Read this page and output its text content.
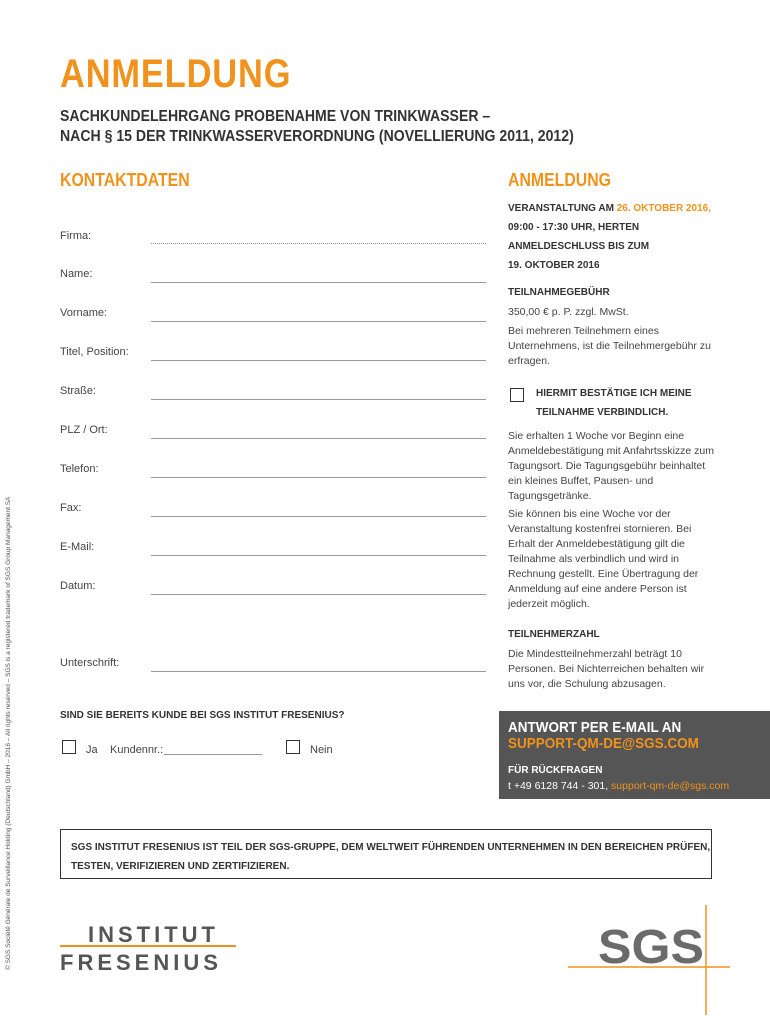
ANMELDUNG
SACHKUNDELEHRGANG PROBENAHME VON TRINKWASSER –
NACH § 15 DER TRINKWASSERVERORDNUNG (NOVELLIERUNG 2011, 2012)
© SGS Société Générale de Surveillance Holding (Deutschland) GmbH – 2016 – All rights reserved – SGS is a registered trademark of SGS Group Management SA
KONTAKTDATEN
Firma:
Name:
Vorname:
Titel, Position:
Straße:
PLZ / Ort:
Telefon:
Fax:
E-Mail:
Datum:
Unterschrift:
SIND SIE BEREITS KUNDE BEI SGS INSTITUT FRESENIUS?
Ja Kundennr.:	Nein
ANMELDUNG
VERANSTALTUNG AM 26. OKTOBER 2016,
09:00 - 17:30 UHR, HERTEN
ANMELDESCHLUSS BIS ZUM
19. OKTOBER 2016
TEILNAHMEGEBÜHR
350,00 € p. P. zzgl. MwSt.
Bei mehreren Teilnehmern eines Unternehmens, ist die Teilnehmergebühr zu erfragen.
HIERMIT BESTÄTIGE ICH MEINE
TEILNAHME VERBINDLICH.
Sie erhalten 1 Woche vor Beginn eine Anmeldebestätigung mit Anfahrtsskizze zum Tagungsort. Die Tagungsgebühr beinhaltet ein kleines Buffet, Pausen- und Tagungsgetränke.
Sie können bis eine Woche vor der Veranstaltung kostenfrei stornieren. Bei Erhalt der Anmeldebestätigung gilt die Teilnahme als verbindlich und wird in Rechnung gestellt. Eine Übertragung der Anmeldung auf eine andere Person ist jederzeit möglich.
TEILNEHMERZAHL
Die Mindestteilnehmerzahl beträgt 10 Personen. Bei Nichterreichen behalten wir uns vor, die Schulung abzusagen.
ANTWORT PER E-MAIL AN
SUPPORT-QM-DE@SGS.COM
FÜR RÜCKFRAGEN
t +49 6128 744 - 301, support-qm-de@sgs.com
SGS INSTITUT FRESENIUS IST TEIL DER SGS-GRUPPE, DEM WELTWEIT FÜHRENDEN UNTERNEHMEN IN DEN BEREICHEN PRÜFEN, TESTEN, VERIFIZIEREN UND ZERTIFIZIEREN.
INSTITUT
FRESENIUS	SGS
